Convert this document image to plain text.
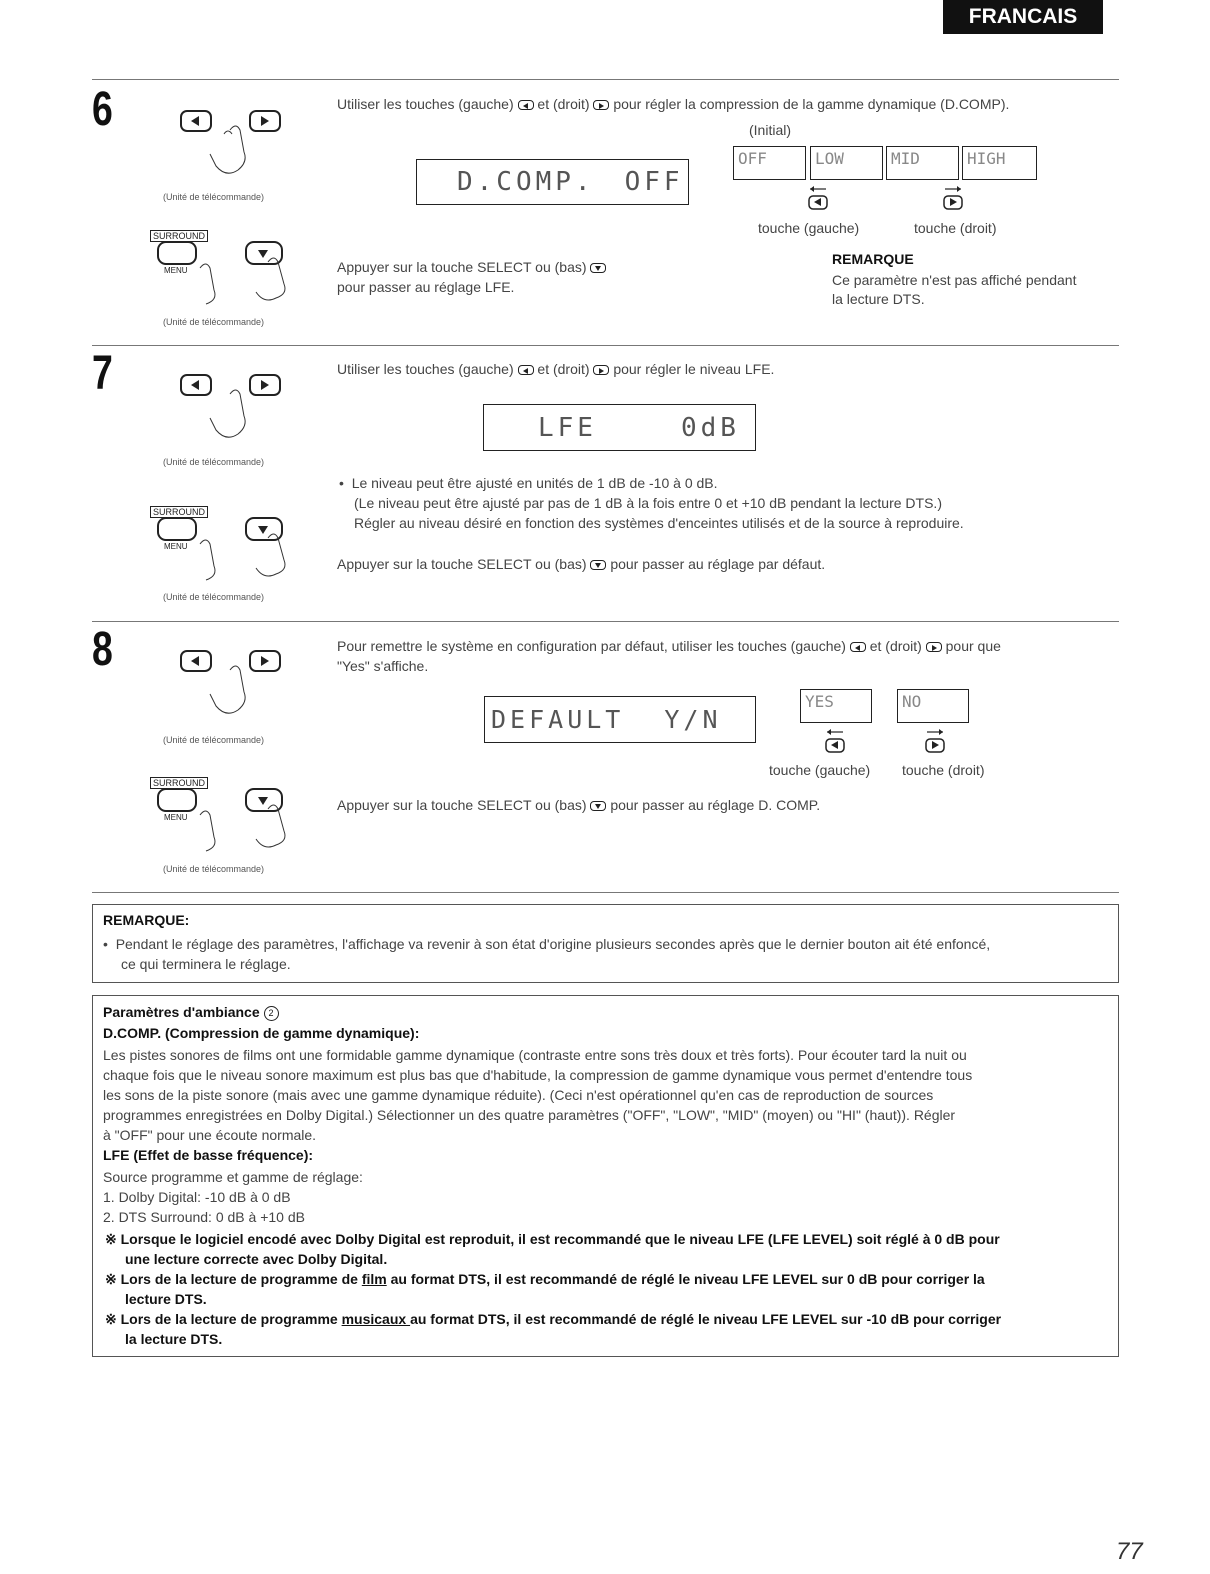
FRANCAIS
6
(Unité de télécommande)
SURROUND
MENU
(Unité de télécommande)
Utiliser les touches (gauche) et (droit) pour régler la compression de la gamme dynamique (D.COMP).
(Initial)
D.COMP. OFF
OFF	LOW	MID	HIGH
touche (gauche)	touche (droit)
Appuyer sur la touche SELECT ou (bas)
pour passer au réglage LFE.
REMARQUE
Ce paramètre n'est pas affiché pendant
la lecture DTS.
7
(Unité de télécommande)
SURROUND
MENU
(Unité de télécommande)
Utiliser les touches (gauche) et (droit) pour régler le niveau LFE.
LFE	0dB
•  Le niveau peut être ajusté en unités de 1 dB de -10 à 0 dB.
(Le niveau peut être ajusté par pas de 1 dB à la fois entre 0 et +10 dB pendant la lecture DTS.)
Régler au niveau désiré en fonction des systèmes d'enceintes utilisés et de la source à reproduire.
Appuyer sur la touche SELECT ou (bas) pour passer au réglage par défaut.
8
(Unité de télécommande)
SURROUND
MENU
(Unité de télécommande)
Pour remettre le système en configuration par défaut, utiliser les touches (gauche) et (droit) pour que
"Yes" s'affiche.
DEFAULT Y/N
YES	NO
touche (gauche) touche (droit)
Appuyer sur la touche SELECT ou (bas) pour passer au réglage D. COMP.
REMARQUE:
•  Pendant le réglage des paramètres, l'affichage va revenir à son état d'origine plusieurs secondes après que le dernier bouton ait été enfoncé,
ce qui terminera le réglage.
Paramètres d'ambiance 2
D.COMP. (Compression de gamme dynamique):
Les pistes sonores de films ont une formidable gamme dynamique (contraste entre sons très doux et très forts). Pour écouter tard la nuit ou
chaque fois que le niveau sonore maximum est plus bas que d'habitude, la compression de gamme dynamique vous permet d'entendre tous
les sons de la piste sonore (mais avec une gamme dynamique réduite). (Ceci n'est opérationnel qu'en cas de reproduction de sources
programmes enregistrées en Dolby Digital.) Sélectionner un des quatre paramètres ("OFF", "LOW", "MID" (moyen) ou "HI" (haut)). Régler
à "OFF" pour une écoute normale.
LFE (Effet de basse fréquence):
Source programme et gamme de réglage:
1. Dolby Digital: -10 dB à 0 dB
2. DTS Surround: 0 dB à +10 dB
※ Lorsque le logiciel encodé avec Dolby Digital est reproduit, il est recommandé que le niveau LFE (LFE LEVEL) soit réglé à 0 dB pour
une lecture correcte avec Dolby Digital.
※ Lors de la lecture de programme de film au format DTS, il est recommandé de réglé le niveau LFE LEVEL sur 0 dB pour corriger la
lecture DTS.
※ Lors de la lecture de programme musicaux au format DTS, il est recommandé de réglé le niveau LFE LEVEL sur -10 dB pour corriger
la lecture DTS.
77
